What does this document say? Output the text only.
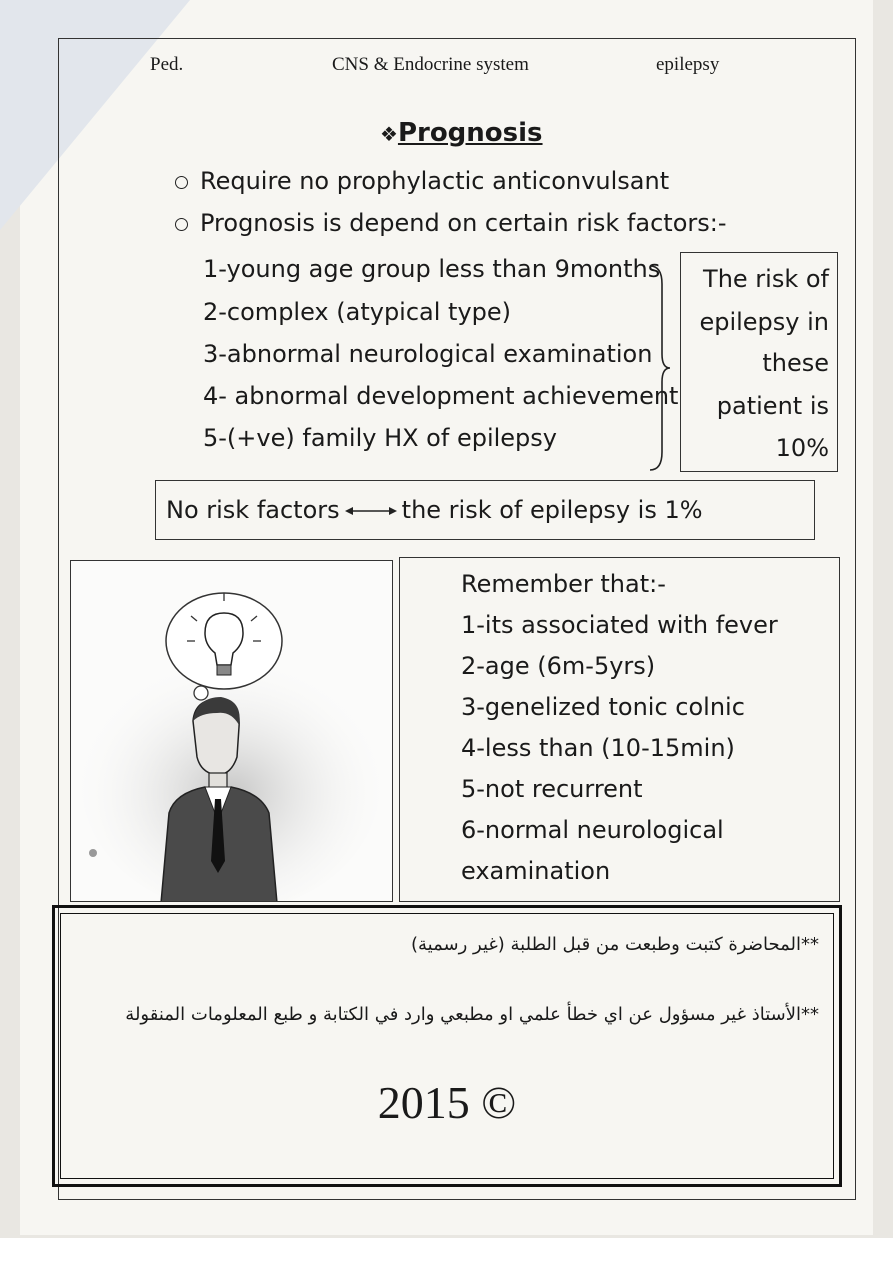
Ped.	CNS & Endocrine system	epilepsy
❖Prognosis
Require no prophylactic anticonvulsant
Prognosis is depend on certain risk factors:-
1-young age group less than 9months
2-complex (atypical type)
3-abnormal neurological examination
4- abnormal development achievement
5-(+ve) family HX of epilepsy
The risk of
epilepsy in
these
patient is
10%
No risk factors	the risk of epilepsy is 1%
Remember that:-
1-its associated with fever
2-age (6m-5yrs)
3-genelized tonic colnic
4-less than (10-15min)
5-not recurrent
6-normal neurological
examination
**المحاضرة كتبت وطبعت من قبل الطلبة (غير رسمية)
**الأستاذ غير مسؤول عن اي خطأ علمي او مطبعي وارد في الكتابة و طبع المعلومات المنقولة
2015 ©
